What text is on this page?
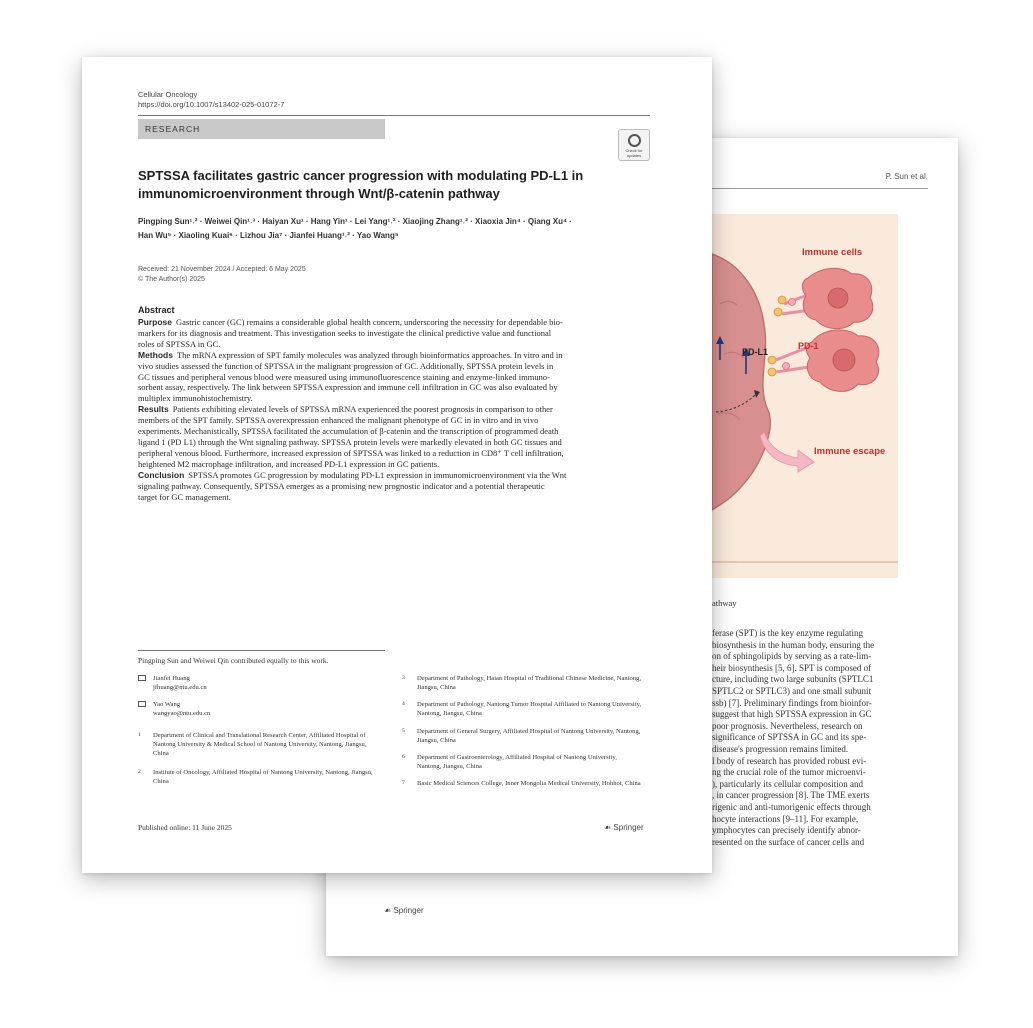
P. Sun et al.
Immune cells
PD-L1
PD-1
Immune escape
athway

ferase (SPT) is the key enzyme regulating

biosynthesis in the human body, ensuring the

on of sphingolipids by serving as a rate-lim-

heir biosynthesis [5, 6]. SPT is composed of

cture, including two large subunits (SPTLC1

SPTLC2 or SPTLC3) and one small subunit

ssb) [7]. Preliminary findings from bioinfor-

suggest that high SPTSSA expression in GC

poor prognosis. Nevertheless, research on

significance of SPTSSA in GC and its spe-

disease's progression remains limited.

l body of research has provided robust evi-

ng the crucial role of the tumor microenvi-

), particularly its cellular composition and

, in cancer progression [8]. The TME exerts

rigenic and anti-tumorigenic effects through

hocyte interactions [9–11]. For example,

ymphocytes can precisely identify abnor-

resented on the surface of cancer cells and

☙ Springer
Cellular Oncology
https://doi.org/10.1007/s13402-025-01072-7
RESEARCH
Check for
updates
SPTSSA facilitates gastric cancer progression with modulating PD-L1 in immunomicroenvironment through Wnt/β-catenin pathway
Pingping Sun¹˒² · Weiwei Qin¹˒³ · Haiyan Xu¹ · Hang Yin¹ · Lei Yang¹˒² · Xiaojing Zhang¹˒² · Xiaoxia Jin⁴ · Qiang Xu⁴ ·
Han Wu⁵ · Xiaoling Kuai⁶ · Lizhou Jia⁷ · Jianfei Huang¹˒² · Yao Wang⁵
Received: 21 November 2024 / Accepted: 6 May 2025
© The Author(s) 2025
Abstract
Purpose Gastric cancer (GC) remains a considerable global health concern, underscoring the necessity for dependable bio-
markers for its diagnosis and treatment. This investigation seeks to investigate the clinical predictive value and functional
roles of SPTSSA in GC.
Methods The mRNA expression of SPT family molecules was analyzed through bioinformatics approaches. In vitro and in
vivo studies assessed the function of SPTSSA in the malignant progression of GC. Additionally, SPTSSA protein levels in
GC tissues and peripheral venous blood were measured using immunofluorescence staining and enzyme-linked immuno-
sorbent assay, respectively. The link between SPTSSA expression and immune cell infiltration in GC was also evaluated by
multiplex immunohistochemistry.
Results Patients exhibiting elevated levels of SPTSSA mRNA experienced the poorest prognosis in comparison to other
members of the SPT family. SPTSSA overexpression enhanced the malignant phenotype of GC in in vitro and in vivo
experiments. Mechanistically, SPTSSA facilitated the accumulation of β-catenin and the transcription of programmed death
ligand 1 (PD L1) through the Wnt signaling pathway. SPTSSA protein levels were markedly elevated in both GC tissues and
peripheral venous blood. Furthermore, increased expression of SPTSSA was linked to a reduction in CD8⁺ T cell infiltration,
heightened M2 macrophage infiltration, and increased PD-L1 expression in GC patients.
Conclusion SPTSSA promotes GC progression by modulating PD-L1 expression in immunomicroenvironment via the Wnt
signaling pathway. Consequently, SPTSSA emerges as a promising new prognostic indicator and a potential therapeutic
target for GC management.
Pingping Sun and Weiwei Qin contributed equally to this work.
Jianfei Huang
jfhuang@ntu.edu.cn
Yao Wang
wangyao@ntu.edu.cn
1	Department of Clinical and Translational Research Center, Affiliated Hospital of Nantong University & Medical School of Nantong University, Nantong, Jiangsu, China
2	Institute of Oncology, Affiliated Hospital of Nantong University, Nantong, Jiangsu, China
3	Department of Pathology, Haian Hospital of Traditional Chinese Medicine, Nantong, Jiangsu, China
4	Department of Pathology, Nantong Tumor Hospital Affiliated to Nantong University, Nantong, Jiangsu, China
5	Department of General Surgery, Affiliated Hospital of Nantong University, Nantong, Jiangsu, China
6	Department of Gastroenterology, Affiliated Hospital of Nantong University, Nantong, Jiangsu, China
7	Basic Medical Sciences College, Inner Mongolia Medical University, Hohhot, China
Published online: 11 June 2025	☙ Springer
